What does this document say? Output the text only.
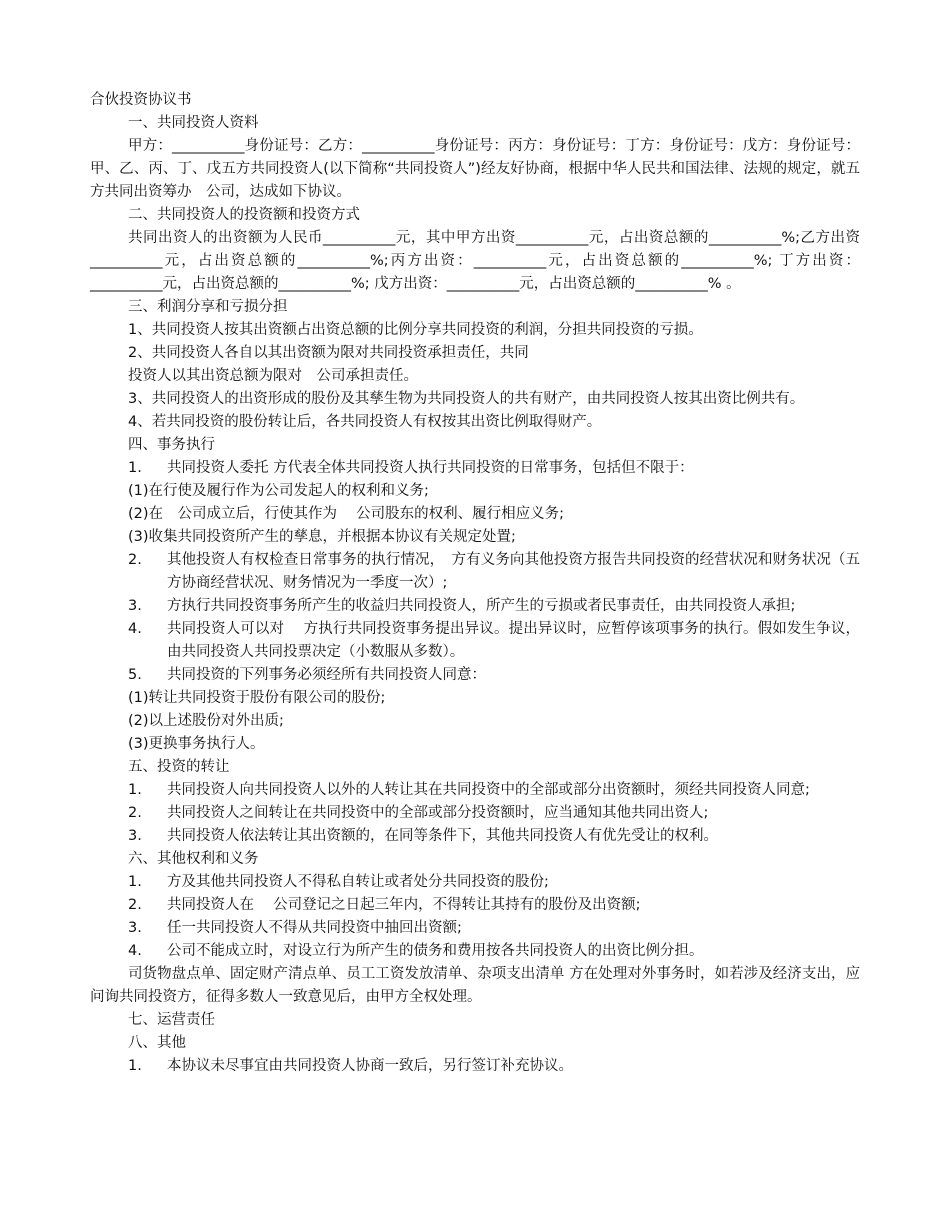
合伙投资协议书
一、共同投资人资料
甲方：__________身份证号：乙方：__________身份证号：丙方：身份证号：丁方：身份证号：戊方：身份证号：甲、乙、丙、丁、戊五方共同投资人(以下简称“共同投资人”)经友好协商，根据中华人民共和国法律、法规的规定，就五方共同出资筹办　公司，达成如下协议。
二、共同投资人的投资额和投资方式
共同出资人的出资额为人民币__________元，其中甲方出资__________元，占出资总额的__________%;乙方出资__________元，占出资总额的__________%;丙方出资：__________元，占出资总额的__________%; 丁方出资：__________元，占出资总额的__________%; 戊方出资：__________元，占出资总额的__________% 。
三、利润分享和亏损分担
1、共同投资人按其出资额占出资总额的比例分享共同投资的利润，分担共同投资的亏损。
2、共同投资人各自以其出资额为限对共同投资承担责任，共同
投资人以其出资总额为限对　公司承担责任。
3、共同投资人的出资形成的股份及其孳生物为共同投资人的共有财产，由共同投资人按其出资比例共有。
4、若共同投资的股份转让后，各共同投资人有权按其出资比例取得财产。
四、事务执行
1.	共同投资人委托 方代表全体共同投资人执行共同投资的日常事务，包括但不限于：
(1)在行使及履行作为公司发起人的权利和义务;
(2)在　公司成立后，行使其作为　 公司股东的权利、履行相应义务;
(3)收集共同投资所产生的孳息，并根据本协议有关规定处置;
2.	其他投资人有权检查日常事务的执行情况，　方有义务向其他投资方报告共同投资的经营状况和财务状况（五方协商经营状况、财务情况为一季度一次）;
3.	方执行共同投资事务所产生的收益归共同投资人，所产生的亏损或者民事责任，由共同投资人承担;
4.	共同投资人可以对　 方执行共同投资事务提出异议。提出异议时，应暂停该项事务的执行。假如发生争议，由共同投资人共同投票决定（小数服从多数）。
5.	共同投资的下列事务必须经所有共同投资人同意：
(1)转让共同投资于股份有限公司的股份;
(2)以上述股份对外出质;
(3)更换事务执行人。
五、投资的转让
1.	共同投资人向共同投资人以外的人转让其在共同投资中的全部或部分出资额时，须经共同投资人同意;
2.	共同投资人之间转让在共同投资中的全部或部分投资额时，应当通知其他共同出资人;
3.	共同投资人依法转让其出资额的，在同等条件下，其他共同投资人有优先受让的权利。
六、其他权利和义务
1.	方及其他共同投资人不得私自转让或者处分共同投资的股份;
2.	共同投资人在　 公司登记之日起三年内，不得转让其持有的股份及出资额;
3.	任一共同投资人不得从共同投资中抽回出资额;
4.	公司不能成立时，对设立行为所产生的债务和费用按各共同投资人的出资比例分担。
司货物盘点单、固定财产清点单、员工工资发放清单、杂项支出清单 方在处理对外事务时，如若涉及经济支出，应问询共同投资方，征得多数人一致意见后，由甲方全权处理。
七、运营责任
八、其他
1.	本协议未尽事宜由共同投资人协商一致后，另行签订补充协议。
